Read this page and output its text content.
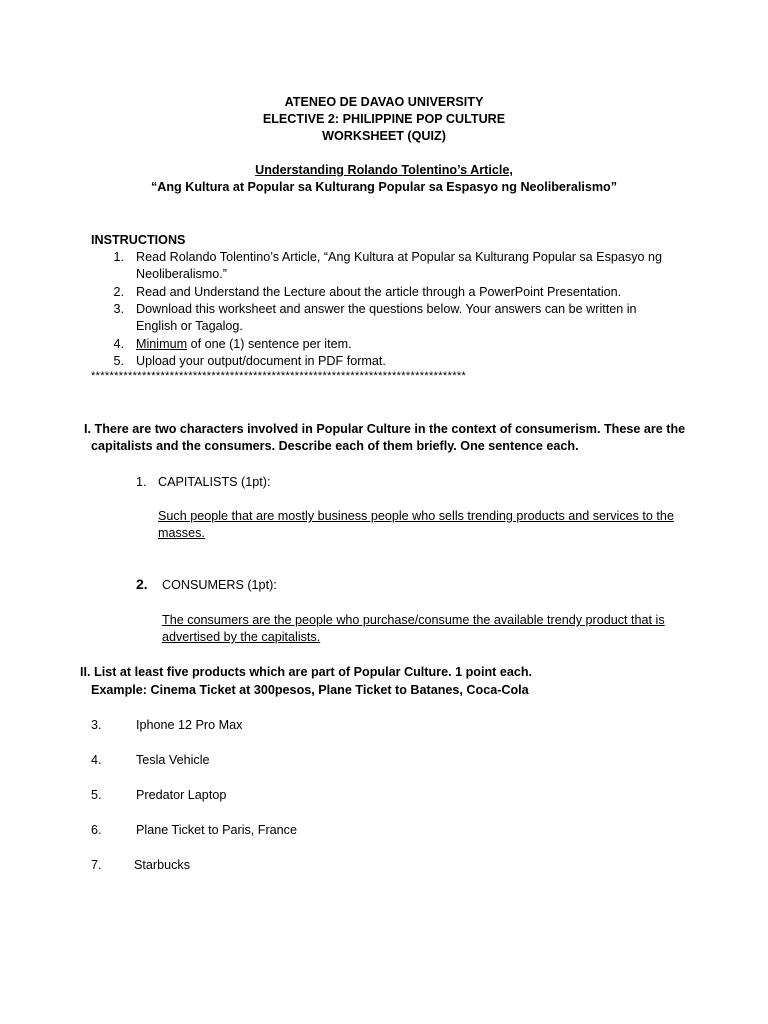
ATENEO DE DAVAO UNIVERSITY
ELECTIVE 2: PHILIPPINE POP CULTURE
WORKSHEET (QUIZ)
Understanding Rolando Tolentino’s Article,
“Ang Kultura at Popular sa Kulturang Popular sa Espasyo ng Neoliberalismo”
INSTRUCTIONS
1. Read Rolando Tolentino’s Article, “Ang Kultura at Popular sa Kulturang Popular sa Espasyo ng
Neoliberalismo.”
2. Read and Understand the Lecture about the article through a PowerPoint Presentation.
3. Download this worksheet and answer the questions below. Your answers can be written in
English or Tagalog.
4. Minimum of one (1) sentence per item.
5. Upload your output/document in PDF format.
*********************************************************************************
I. There are two characters involved in Popular Culture in the context of consumerism. These are the
capitalists and the consumers. Describe each of them briefly. One sentence each.
1. CAPITALISTS (1pt):
Such people that are mostly business people who sells trending products and services to the
masses.
2. CONSUMERS (1pt):
The consumers are the people who purchase/consume the available trendy product that is
advertised by the capitalists.
II. List at least five products which are part of Popular Culture. 1 point each.
Example: Cinema Ticket at 300pesos, Plane Ticket to Batanes, Coca-Cola
3.	Iphone 12 Pro Max
4.	Tesla Vehicle
5.	Predator Laptop
6.	Plane Ticket to Paris, France
7.	Starbucks
